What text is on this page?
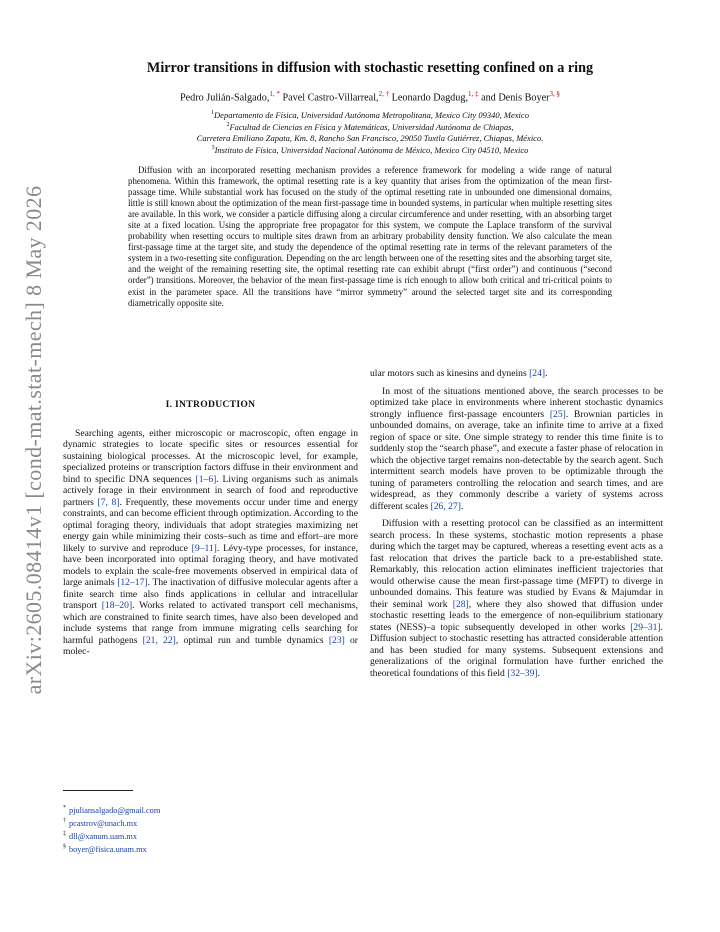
arXiv:2605.08414v1 [cond-mat.stat-mech] 8 May 2026
Mirror transitions in diffusion with stochastic resetting confined on a ring
Pedro Julián-Salgado,$^{1, *}$ Pavel Castro-Villarreal,$^{2, \dagger}$ Leonardo Dagdug,$^{1, \ddagger}$ and Denis Boyer$^{3, \S}$
$^1$Departamento de Física, Universidad Autónoma Metropolitana, Mexico City 09340, Mexico
$^2$Facultad de Ciencias en Física y Matemáticas, Universidad Autónoma de Chiapas,
Carretera Emiliano Zapata, Km. 8, Rancho San Francisco, 29050 Tuxtla Gutiérrez, Chiapas, México.
$^3$Instituto de Física, Universidad Nacional Autónoma de México, Mexico City 04510, Mexico
Diffusion with an incorporated resetting mechanism provides a reference framework for modeling a wide range of natural phenomena. Within this framework, the optimal resetting rate is a key quantity that arises from the optimization of the mean first-passage time. While substantial work has focused on the study of the optimal resetting rate in unbounded one dimensional domains, little is still known about the optimization of the mean first-passage time in bounded systems, in particular when multiple resetting sites are available. In this work, we consider a particle diffusing along a circular circumference and under resetting, with an absorbing target site at a fixed location. Using the appropriate free propagator for this system, we compute the Laplace transform of the survival probability when resetting occurs to multiple sites drawn from an arbitrary probability density function. We also calculate the mean first-passage time at the target site, and study the dependence of the optimal resetting rate in terms of the relevant parameters of the system in a two-resetting site configuration. Depending on the arc length between one of the resetting sites and the absorbing target site, and the weight of the remaining resetting site, the optimal resetting rate can exhibit abrupt (“first order”) and continuous (“second order”) transitions. Moreover, the behavior of the mean first-passage time is rich enough to allow both critical and tri-critical points to exist in the parameter space. All the transitions have “mirror symmetry” around the selected target site and its corresponding diametrically opposite site.
I. INTRODUCTION

Searching agents, either microscopic or macroscopic, often engage in dynamic strategies to locate specific sites or resources essential for sustaining biological processes. At the microscopic level, for example, specialized proteins or transcription factors diffuse in their environment and bind to specific DNA sequences [1–6]. Living organisms such as animals actively forage in their environment in search of food and reproductive partners [7, 8]. Frequently, these movements occur under time and energy constraints, and can become efficient through optimization. According to the optimal foraging theory, individuals that adopt strategies maximizing net energy gain while minimizing their costs–such as time and effort–are more likely to survive and reproduce [9–11]. Lévy-type processes, for instance, have been incorporated into optimal foraging theory, and have motivated models to explain the scale-free movements observed in empirical data of large animals [12–17]. The inactivation of diffusive molecular agents after a finite search time also finds applications in cellular and intracellular transport [18–20]. Works related to activated transport cell mechanisms, which are constrained to finite search times, have also been developed and include systems that range from immune migrating cells searching for harmful pathogens [21, 22], optimal run and tumble dynamics [23] or molec-

ular motors such as kinesins and dyneins [24].

In most of the situations mentioned above, the search processes to be optimized take place in environments where inherent stochastic dynamics strongly influence first-passage encounters [25]. Brownian particles in unbounded domains, on average, take an infinite time to arrive at a fixed region of space or site. One simple strategy to render this time finite is to suddenly stop the “search phase”, and execute a faster phase of relocation in which the objective target remains non-detectable by the search agent. Such intermittent search models have proven to be optimizable through the tuning of parameters controlling the relocation and search times, and are widespread, as they commonly describe a variety of systems across different scales [26, 27].

Diffusion with a resetting protocol can be classified as an intermittent search process. In these systems, stochastic motion represents a phase during which the target may be captured, whereas a resetting event acts as a fast relocation that drives the particle back to a pre-established state. Remarkably, this relocation action eliminates inefficient trajectories that would otherwise cause the mean first-passage time (MFPT) to diverge in unbounded domains. This feature was studied by Evans & Majumdar in their seminal work [28], where they also showed that diffusion under stochastic resetting leads to the emergence of non-equilibrium stationary states (NESS)–a topic subsequently developed in other works [29–31]. Diffusion subject to stochastic resetting has attracted considerable attention and has been studied for many systems. Subsequent extensions and generalizations of the original formulation have further enriched the theoretical foundations of this field [32–39].

* pjuliansalgado@gmail.com
† pcastrov@unach.mx
‡ dll@xanum.uam.mx
§ boyer@fisica.unam.mx
